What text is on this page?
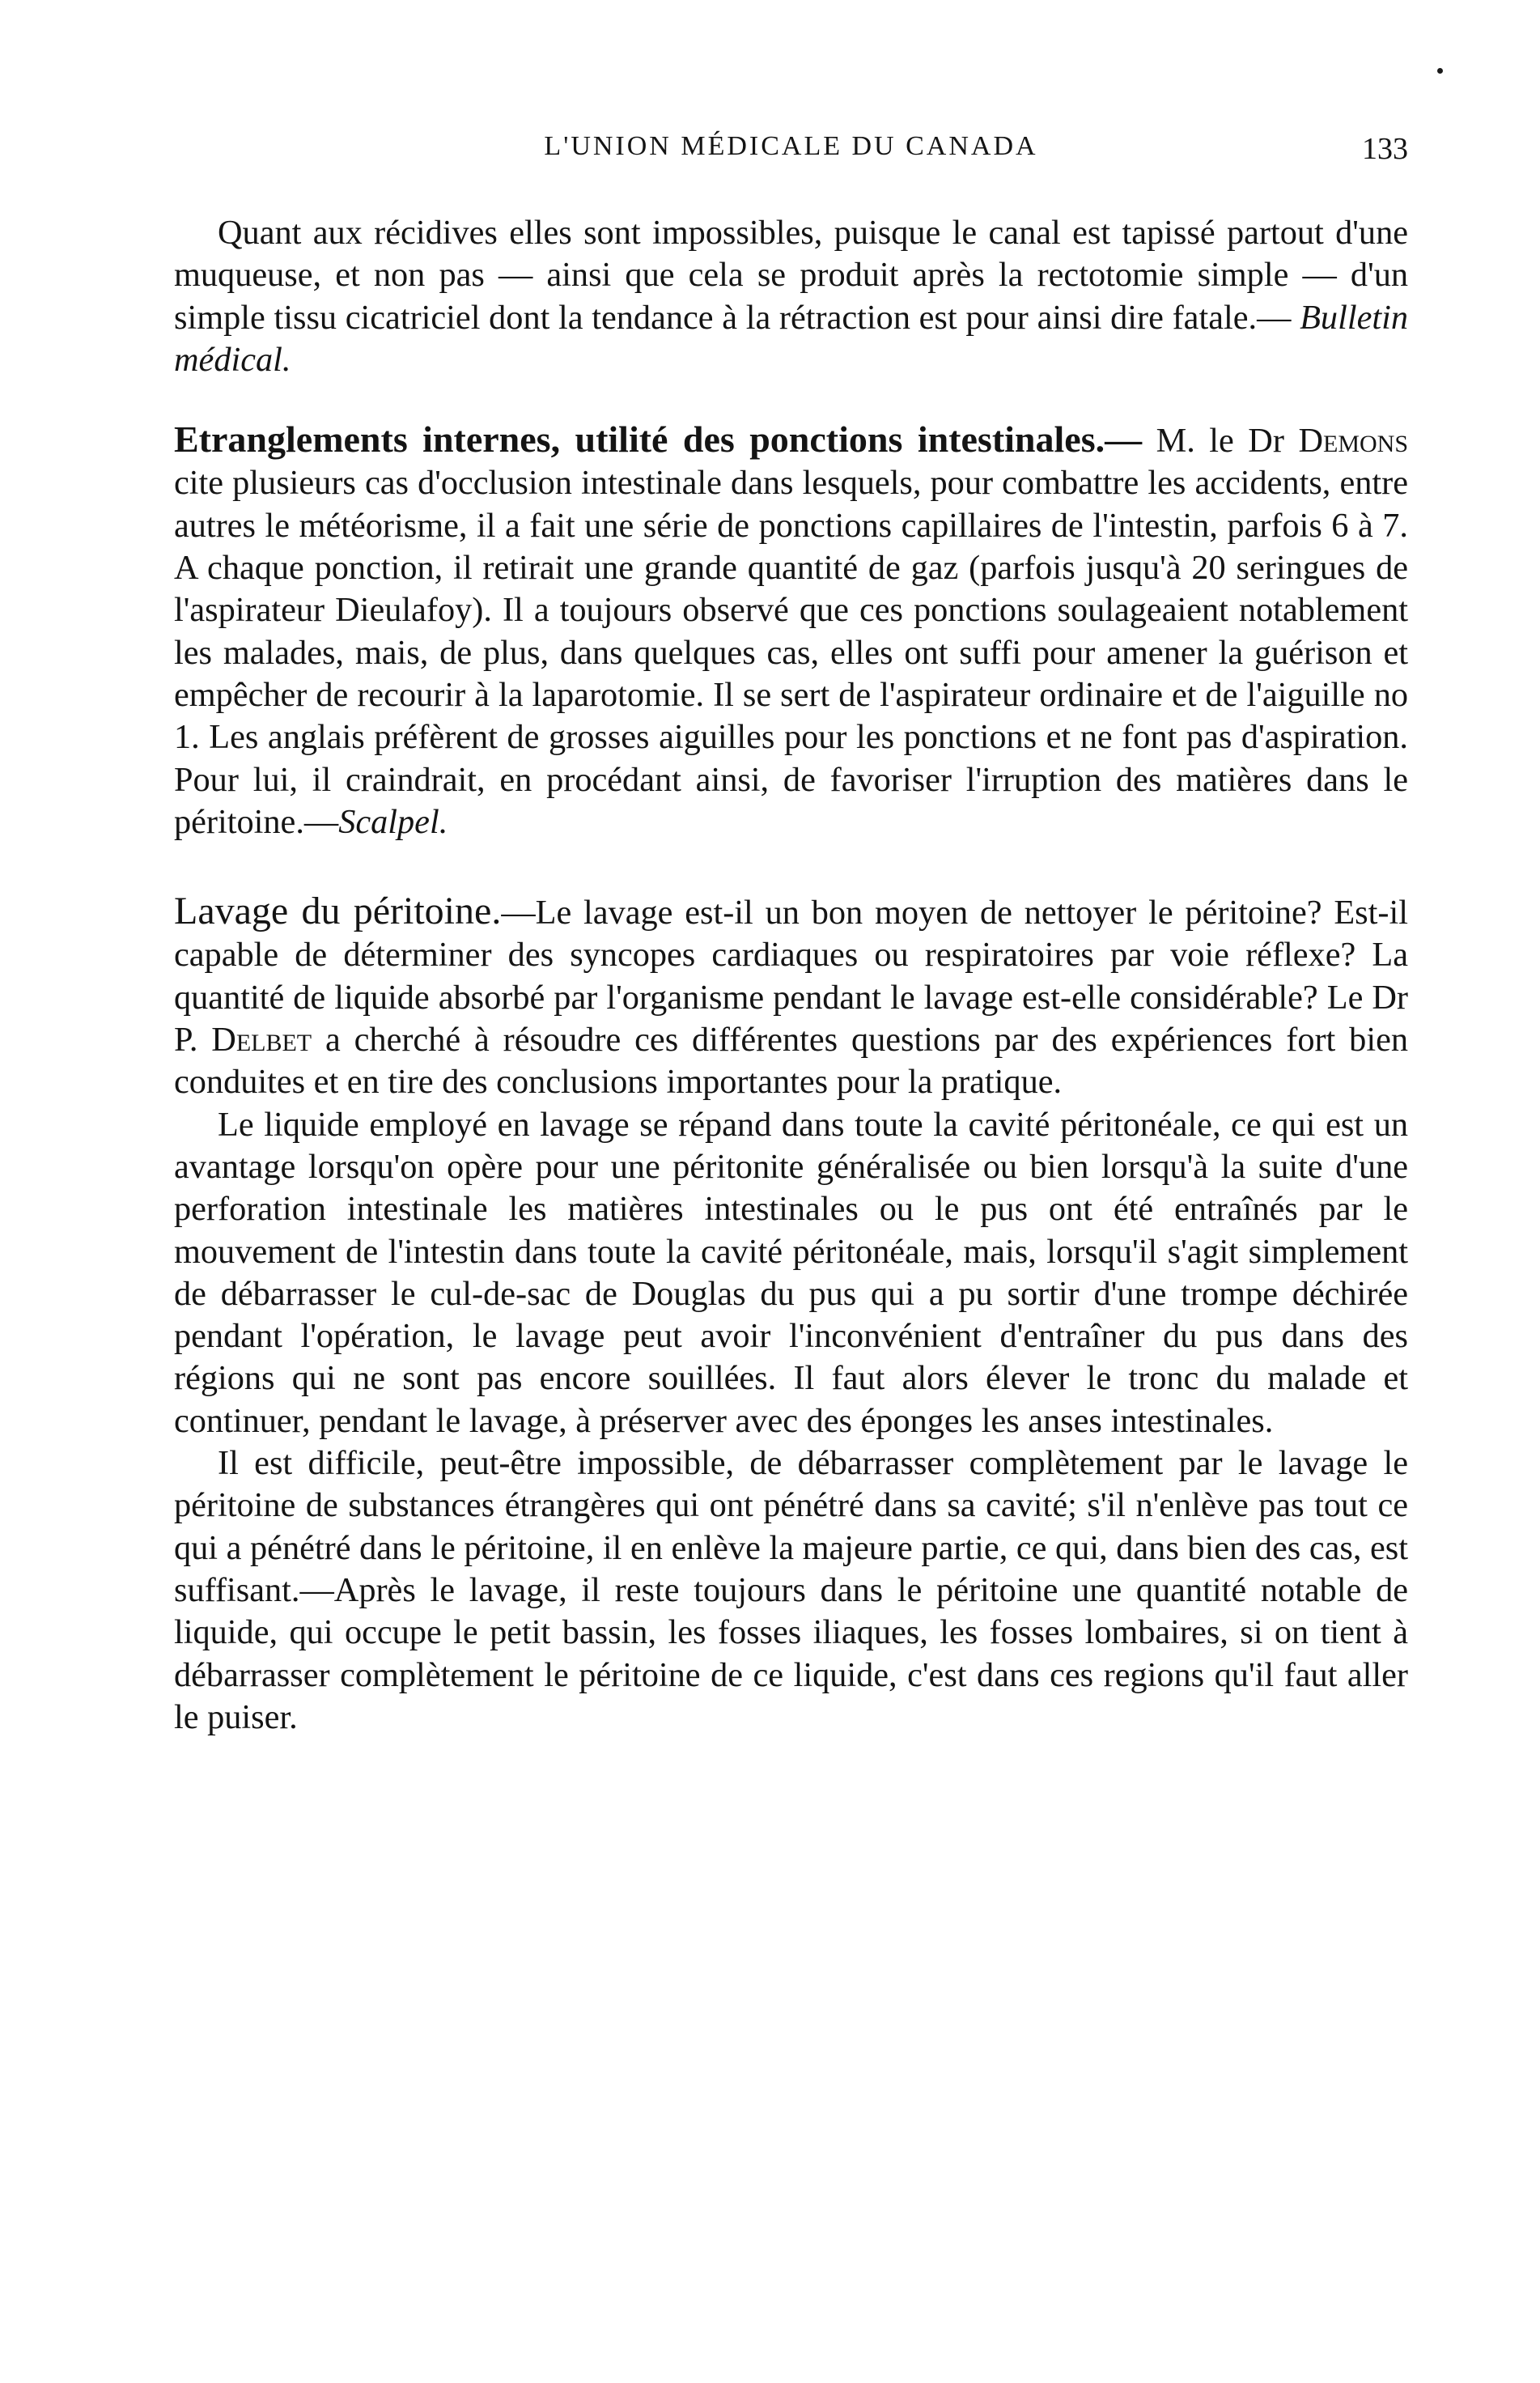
L'UNION MÉDICALE DU CANADA	133

Quant aux récidives elles sont impossibles, puisque le canal est tapissé partout d'une muqueuse, et non pas — ainsi que cela se produit après la rectotomie simple — d'un simple tissu cicatriciel dont la tendance à la rétraction est pour ainsi dire fatale.— Bulletin médical.

Etranglements internes, utilité des ponctions intestinales.— M. le Dr Demons cite plusieurs cas d'occlusion intestinale dans lesquels, pour combattre les accidents, entre autres le météorisme, il a fait une série de ponctions capillaires de l'intestin, parfois 6 à 7. A chaque ponction, il retirait une grande quantité de gaz (parfois jusqu'à 20 seringues de l'aspirateur Dieulafoy). Il a toujours observé que ces ponctions soulageaient notablement les malades, mais, de plus, dans quelques cas, elles ont suffi pour amener la guérison et empêcher de recourir à la laparotomie. Il se sert de l'aspirateur ordinaire et de l'aiguille no 1. Les anglais préfèrent de grosses aiguilles pour les ponctions et ne font pas d'aspiration. Pour lui, il craindrait, en procédant ainsi, de favoriser l'irruption des matières dans le péritoine.—Scalpel.

Lavage du péritoine.—Le lavage est-il un bon moyen de nettoyer le péritoine? Est-il capable de déterminer des syncopes cardiaques ou respiratoires par voie réflexe? La quantité de liquide absorbé par l'organisme pendant le lavage est-elle considérable? Le Dr P. Delbet a cherché à résoudre ces différentes questions par des expériences fort bien conduites et en tire des conclusions importantes pour la pratique.

Le liquide employé en lavage se répand dans toute la cavité péritonéale, ce qui est un avantage lorsqu'on opère pour une péritonite généralisée ou bien lorsqu'à la suite d'une perforation intestinale les matières intestinales ou le pus ont été entraînés par le mouvement de l'intestin dans toute la cavité péritonéale, mais, lorsqu'il s'agit simplement de débarrasser le cul-de-sac de Douglas du pus qui a pu sortir d'une trompe déchirée pendant l'opération, le lavage peut avoir l'inconvénient d'entraîner du pus dans des régions qui ne sont pas encore souillées. Il faut alors élever le tronc du malade et continuer, pendant le lavage, à préserver avec des éponges les anses intestinales.

Il est difficile, peut-être impossible, de débarrasser complètement par le lavage le péritoine de substances étrangères qui ont pénétré dans sa cavité; s'il n'enlève pas tout ce qui a pénétré dans le péritoine, il en enlève la majeure partie, ce qui, dans bien des cas, est suffisant.—Après le lavage, il reste toujours dans le péritoine une quantité notable de liquide, qui occupe le petit bassin, les fosses iliaques, les fosses lombaires, si on tient à débarrasser complètement le péritoine de ce liquide, c'est dans ces regions qu'il faut aller le puiser.
